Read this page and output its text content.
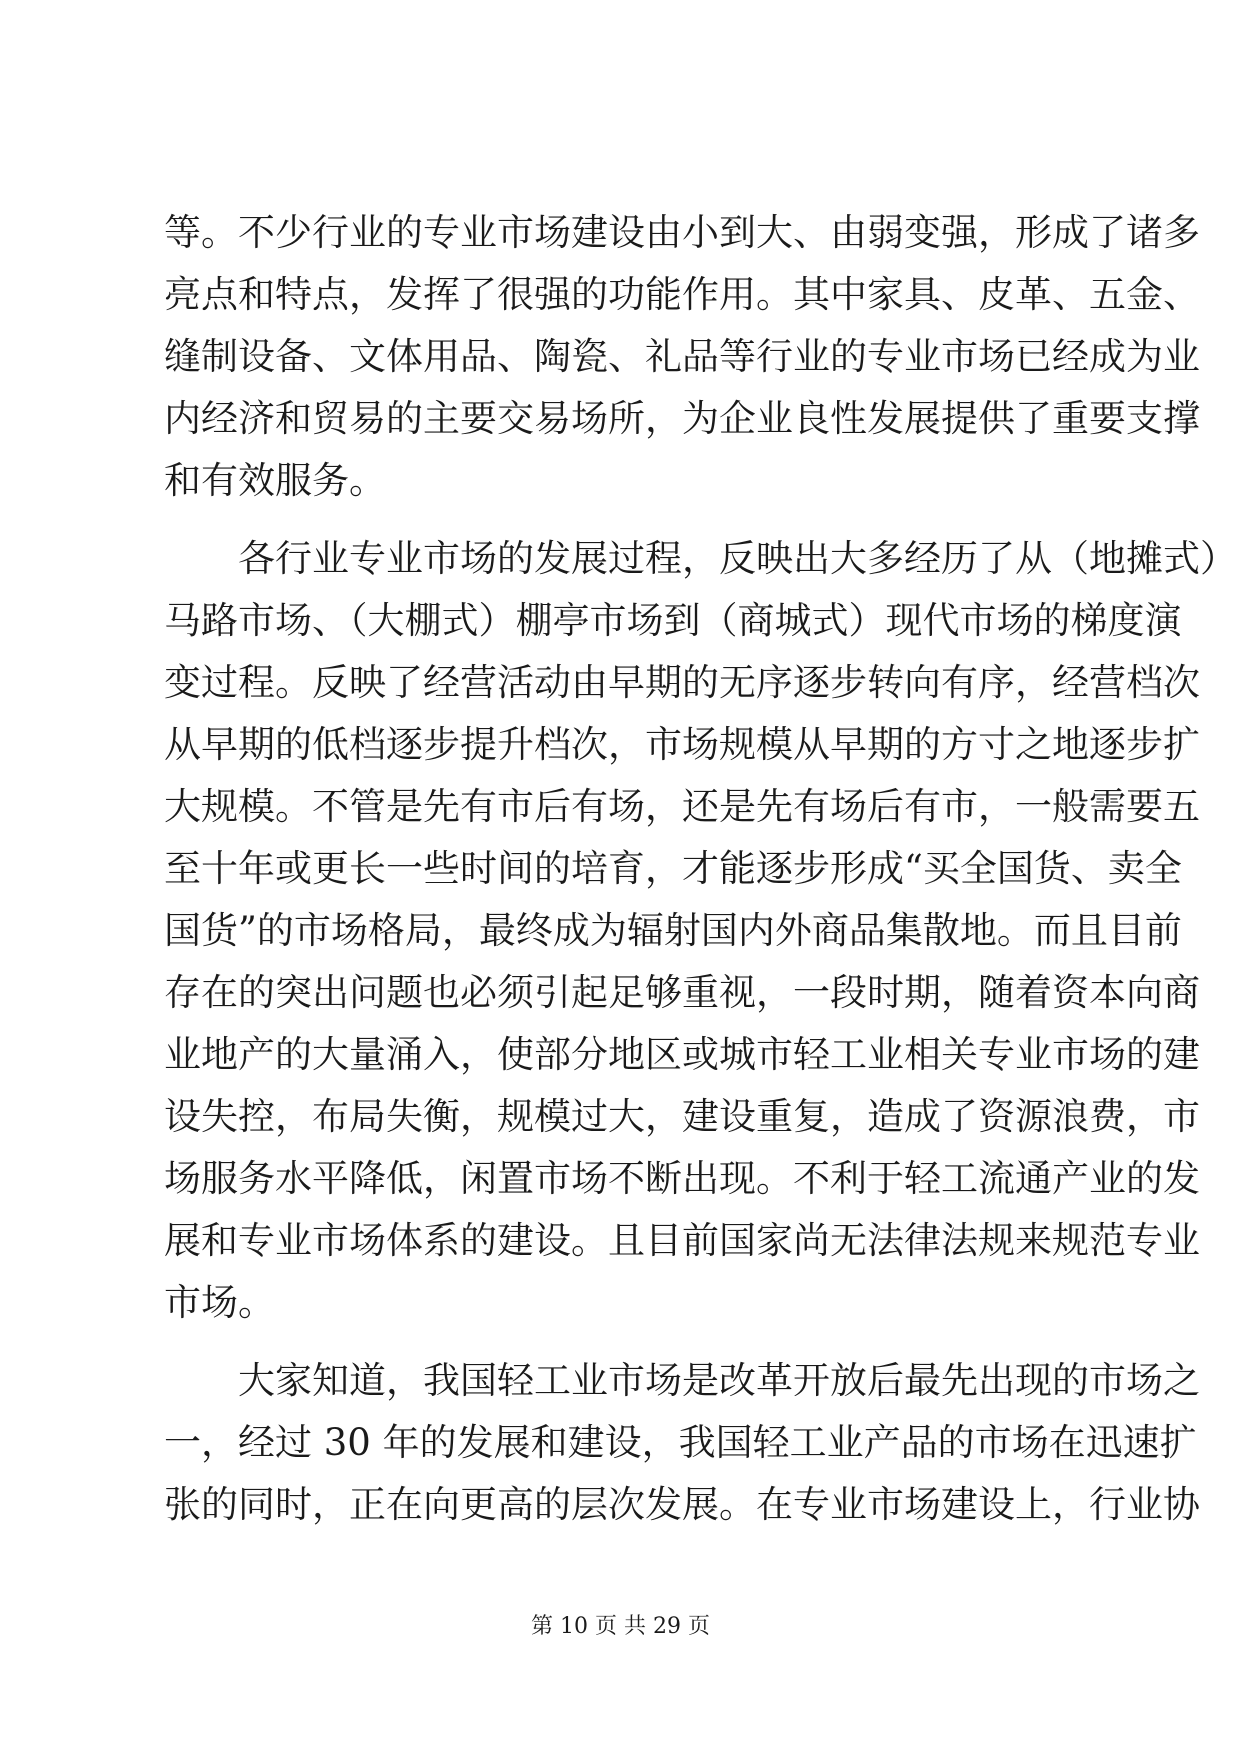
等。不少行业的专业市场建设由小到大、由弱变强，形成了诸多
亮点和特点，发挥了很强的功能作用。其中家具、皮革、五金、
缝制设备、文体用品、陶瓷、礼品等行业的专业市场已经成为业
内经济和贸易的主要交易场所，为企业良性发展提供了重要支撑
和有效服务。
各行业专业市场的发展过程，反映出大多经历了从（地摊式）
马路市场、（大棚式）棚亭市场到（商城式）现代市场的梯度演
变过程。反映了经营活动由早期的无序逐步转向有序，经营档次
从早期的低档逐步提升档次，市场规模从早期的方寸之地逐步扩
大规模。不管是先有市后有场，还是先有场后有市，一般需要五
至十年或更长一些时间的培育，才能逐步形成“买全国货、卖全
国货”的市场格局，最终成为辐射国内外商品集散地。而且目前
存在的突出问题也必须引起足够重视，一段时期，随着资本向商
业地产的大量涌入，使部分地区或城市轻工业相关专业市场的建
设失控，布局失衡，规模过大，建设重复，造成了资源浪费，市
场服务水平降低，闲置市场不断出现。不利于轻工流通产业的发
展和专业市场体系的建设。且目前国家尚无法律法规来规范专业
市场。
大家知道，我国轻工业市场是改革开放后最先出现的市场之
一，经过 30 年的发展和建设，我国轻工业产品的市场在迅速扩
张的同时，正在向更高的层次发展。在专业市场建设上，行业协
第 10 页 共 29 页
